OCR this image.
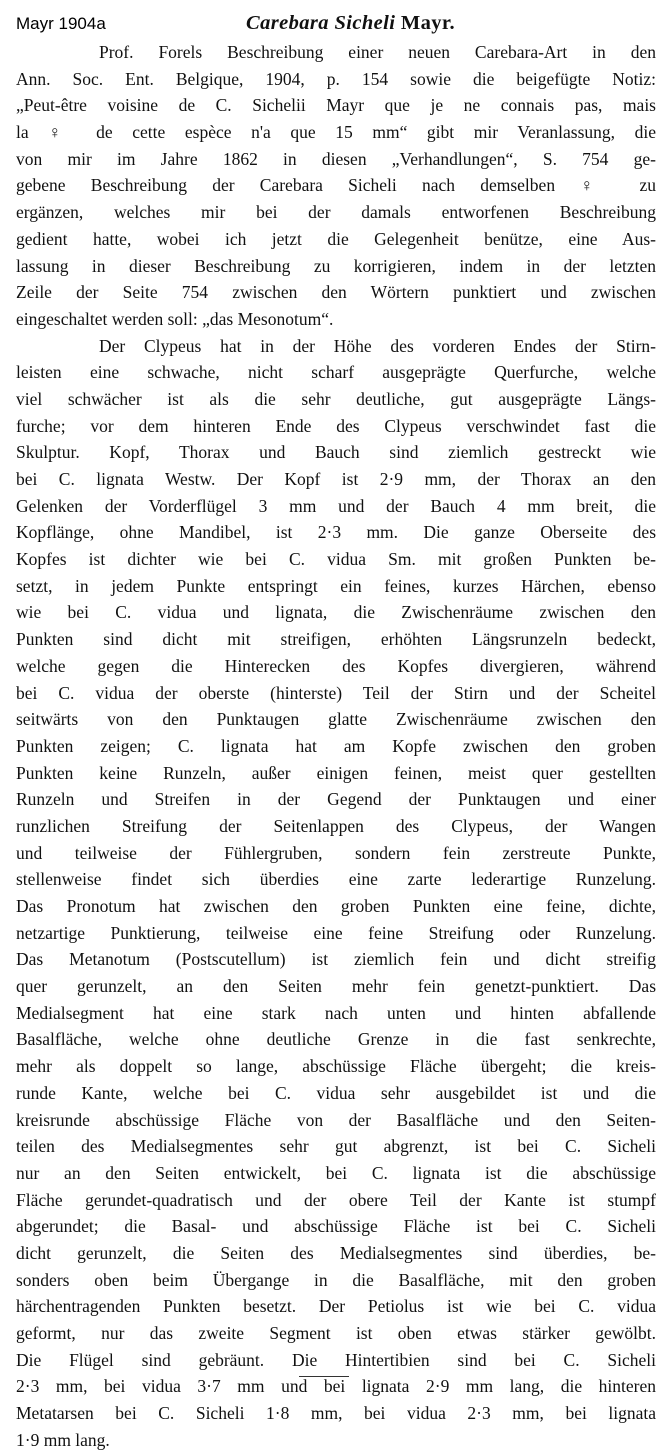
Mayr 1904a	Carebara Sicheli Mayr.
Prof. Forels Beschreibung einer neuen Carebara-Art in den
Ann. Soc. Ent. Belgique, 1904, p. 154 sowie die beigefügte Notiz:
„Peut-être voisine de C. Sichelii Mayr que je ne connais pas, mais
la ♀ de cette espèce n'a que 15 mm“ gibt mir Veranlassung, die
von mir im Jahre 1862 in diesen „Verhandlungen“, S. 754 ge-
gebene Beschreibung der Carebara Sicheli nach demselben ♀ zu
ergänzen, welches mir bei der damals entworfenen Beschreibung
gedient hatte, wobei ich jetzt die Gelegenheit benütze, eine Aus-
lassung in dieser Beschreibung zu korrigieren, indem in der letzten
Zeile der Seite 754 zwischen den Wörtern punktiert und zwischen
eingeschaltet werden soll: „das Mesonotum“.
Der Clypeus hat in der Höhe des vorderen Endes der Stirn-
leisten eine schwache, nicht scharf ausgeprägte Querfurche, welche
viel schwächer ist als die sehr deutliche, gut ausgeprägte Längs-
furche; vor dem hinteren Ende des Clypeus verschwindet fast die
Skulptur. Kopf, Thorax und Bauch sind ziemlich gestreckt wie
bei C. lignata Westw. Der Kopf ist 2·9 mm, der Thorax an den
Gelenken der Vorderflügel 3 mm und der Bauch 4 mm breit, die
Kopflänge, ohne Mandibel, ist 2·3 mm. Die ganze Oberseite des
Kopfes ist dichter wie bei C. vidua Sm. mit großen Punkten be-
setzt, in jedem Punkte entspringt ein feines, kurzes Härchen, ebenso
wie bei C. vidua und lignata, die Zwischenräume zwischen den
Punkten sind dicht mit streifigen, erhöhten Längsrunzeln bedeckt,
welche gegen die Hinterecken des Kopfes divergieren, während
bei C. vidua der oberste (hinterste) Teil der Stirn und der Scheitel
seitwärts von den Punktaugen glatte Zwischenräume zwischen den
Punkten zeigen; C. lignata hat am Kopfe zwischen den groben
Punkten keine Runzeln, außer einigen feinen, meist quer gestellten
Runzeln und Streifen in der Gegend der Punktaugen und einer
runzlichen Streifung der Seitenlappen des Clypeus, der Wangen
und teilweise der Fühlergruben, sondern fein zerstreute Punkte,
stellenweise findet sich überdies eine zarte lederartige Runzelung.
Das Pronotum hat zwischen den groben Punkten eine feine, dichte,
netzartige Punktierung, teilweise eine feine Streifung oder Runzelung.
Das Metanotum (Postscutellum) ist ziemlich fein und dicht streifig
quer gerunzelt, an den Seiten mehr fein genetzt-punktiert. Das
Medialsegment hat eine stark nach unten und hinten abfallende
Basalfläche, welche ohne deutliche Grenze in die fast senkrechte,
mehr als doppelt so lange, abschüssige Fläche übergeht; die kreis-
runde Kante, welche bei C. vidua sehr ausgebildet ist und die
kreisrunde abschüssige Fläche von der Basalfläche und den Seiten-
teilen des Medialsegmentes sehr gut abgrenzt, ist bei C. Sicheli
nur an den Seiten entwickelt, bei C. lignata ist die abschüssige
Fläche gerundet-quadratisch und der obere Teil der Kante ist stumpf
abgerundet; die Basal- und abschüssige Fläche ist bei C. Sicheli
dicht gerunzelt, die Seiten des Medialsegmentes sind überdies, be-
sonders oben beim Übergange in die Basalfläche, mit den groben
härchentragenden Punkten besetzt. Der Petiolus ist wie bei C. vidua
geformt, nur das zweite Segment ist oben etwas stärker gewölbt.
Die Flügel sind gebräunt. Die Hintertibien sind bei C. Sicheli
2·3 mm, bei vidua 3·7 mm und bei lignata 2·9 mm lang, die hinteren
Metatarsen bei C. Sicheli 1·8 mm, bei vidua 2·3 mm, bei lignata
1·9 mm lang.
